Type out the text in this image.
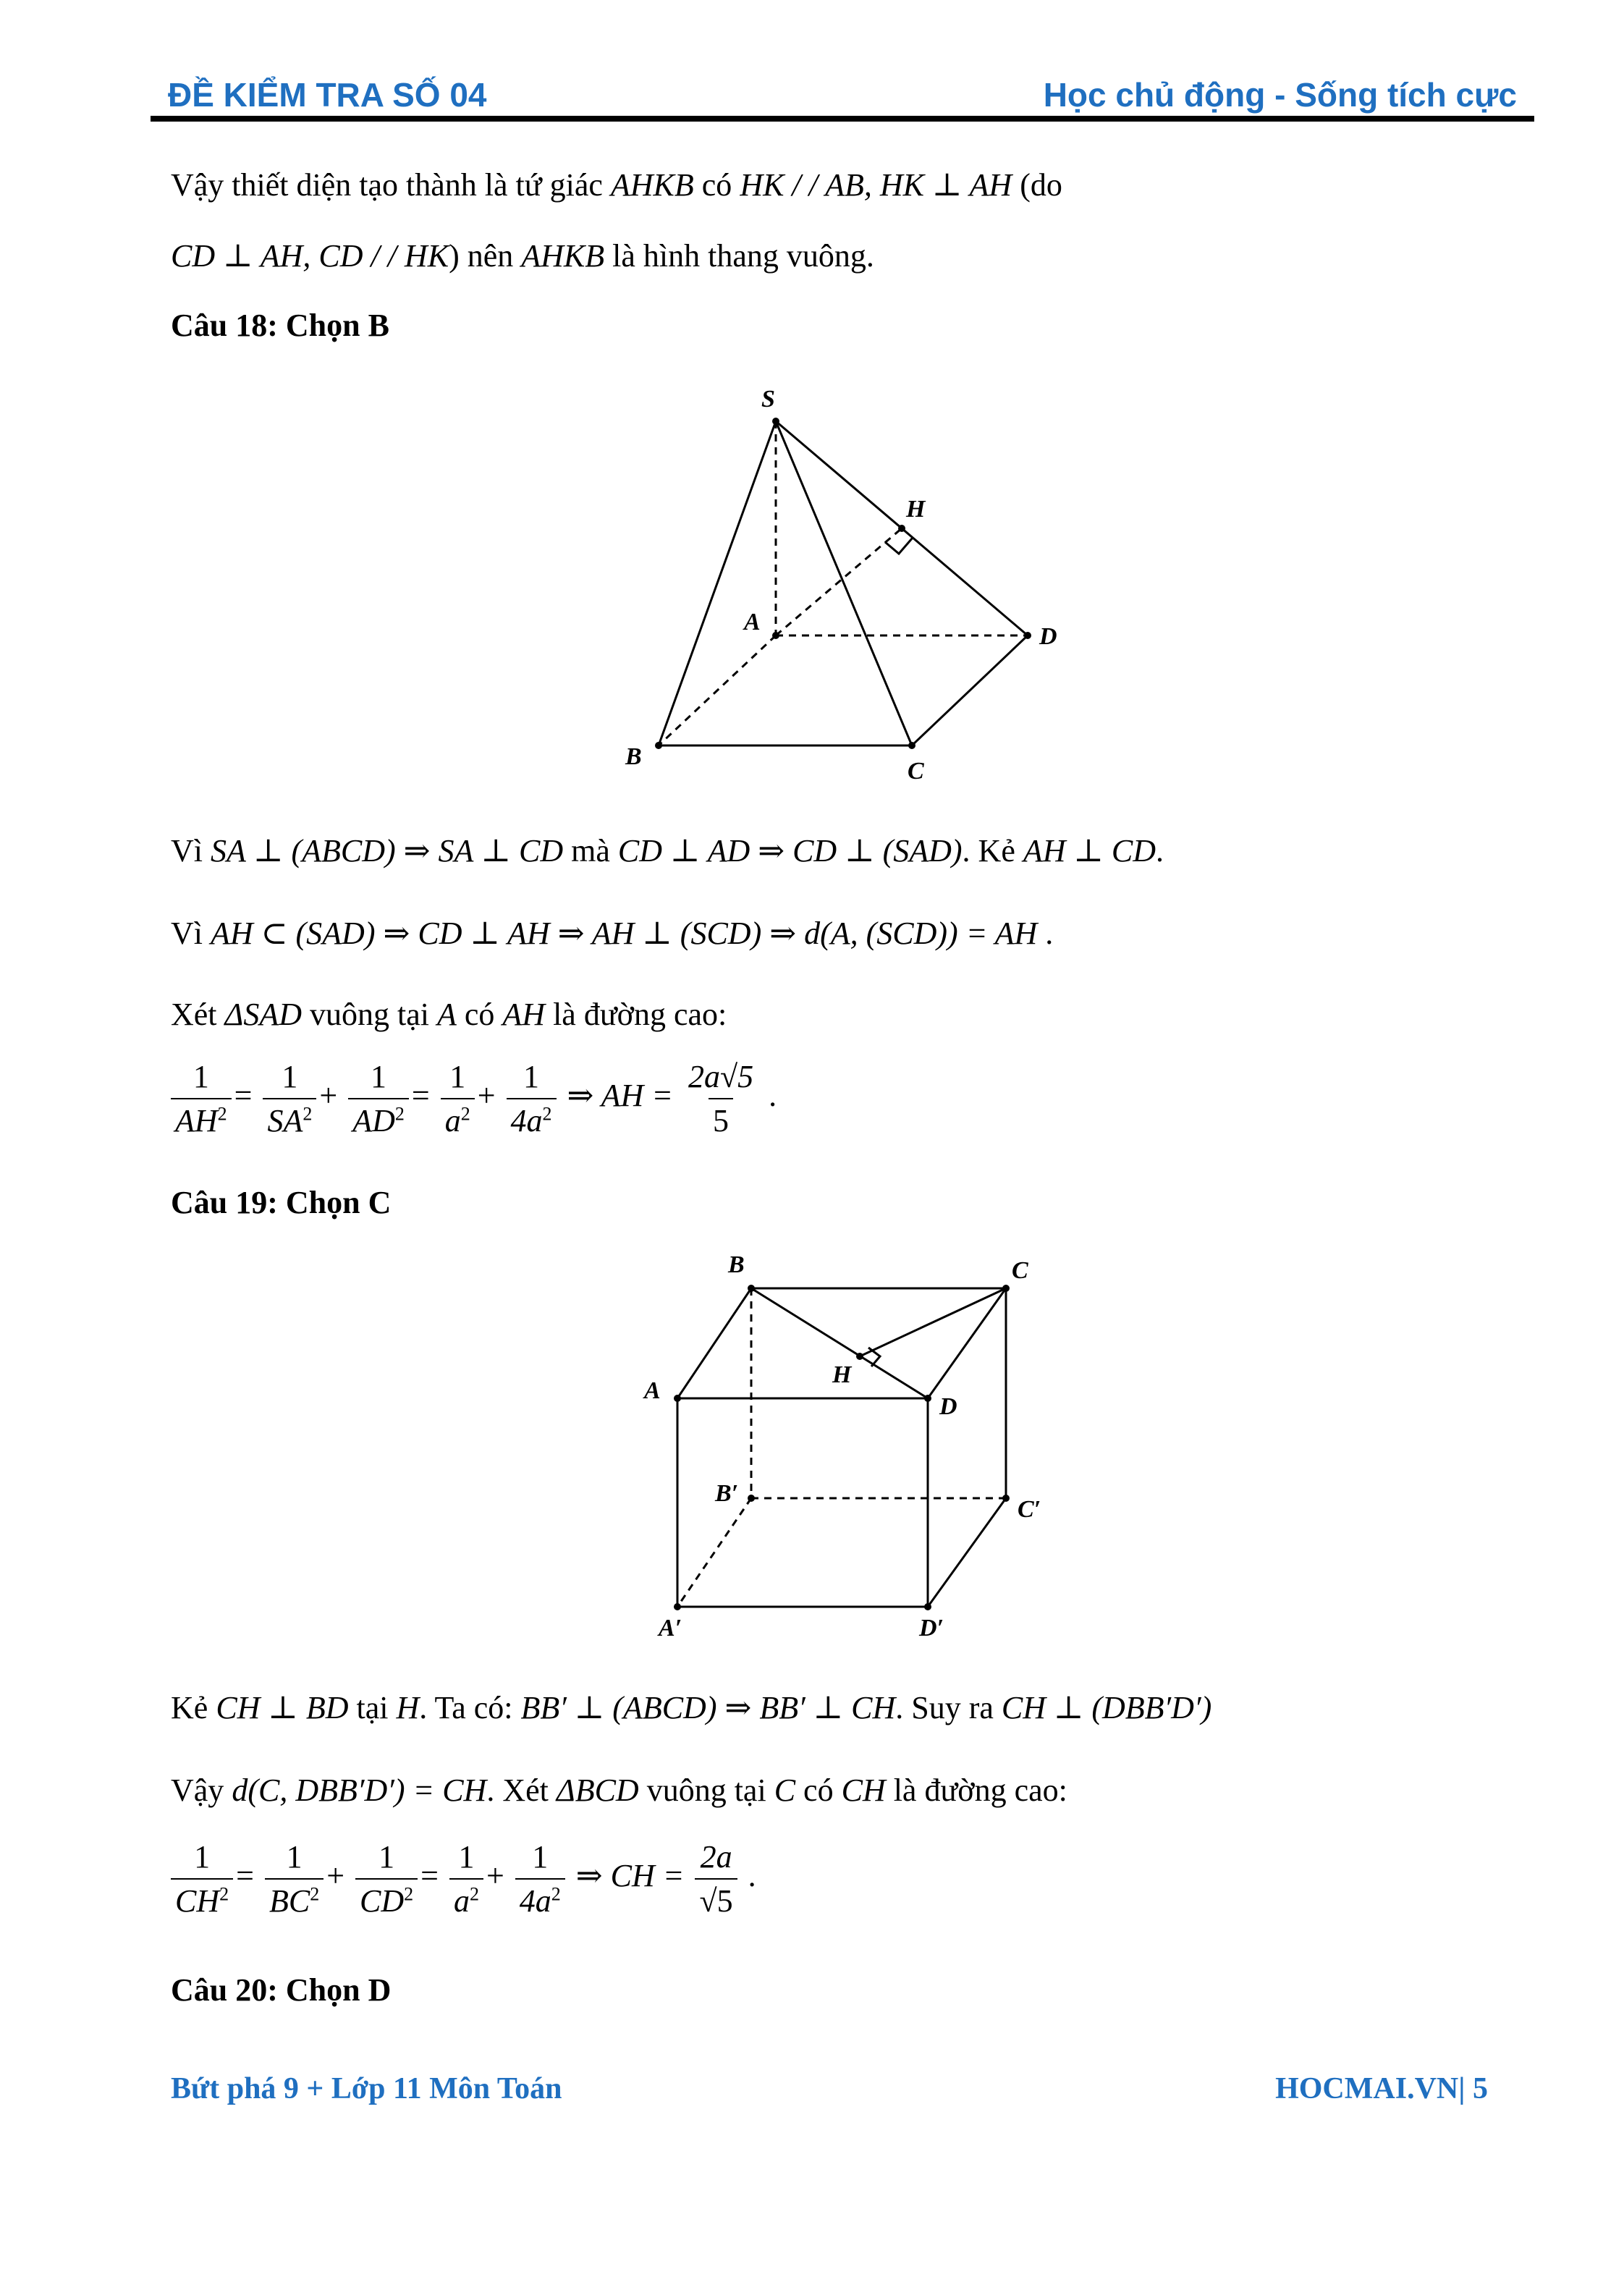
ĐỀ KIỂM TRA SỐ 04	Học chủ động - Sống tích cực
Vậy thiết diện tạo thành là tứ giác AHKB có HK / / AB, HK ⊥ AH (do
CD ⊥ AH, CD / / HK) nên AHKB là hình thang vuông.
Câu 18: Chọn B
S
H
A
D
B
C
Vì SA ⊥ (ABCD) ⇒ SA ⊥ CD mà CD ⊥ AD ⇒ CD ⊥ (SAD). Kẻ AH ⊥ CD.
Vì AH ⊂ (SAD) ⇒ CD ⊥ AH ⇒ AH ⊥ (SCD) ⇒ d(A, (SCD)) = AH .
Xét ΔSAD vuông tại A có AH là đường cao:
$\frac{1}{AH^2} = \frac{1}{SA^2} + \frac{1}{AD^2} = \frac{1}{a^2} + \frac{1}{4a^2}$ ⇒ AH = $\frac{2a√5}{5}$ .
Câu 19: Chọn C
B	C
H
A
D
B′
C′
A′	D′
Kẻ CH ⊥ BD tại H. Ta có: BB′ ⊥ (ABCD) ⇒ BB′ ⊥ CH. Suy ra CH ⊥ (DBB′D′)
Vậy d(C, DBB′D′) = CH. Xét ΔBCD vuông tại C có CH là đường cao:
$\frac{1}{CH^2} = \frac{1}{BC^2} + \frac{1}{CD^2} = \frac{1}{a^2} + \frac{1}{4a^2}$ ⇒ CH = $\frac{2a}{√5}$ .
Câu 20: Chọn D
Bứt phá 9 + Lớp 11 Môn Toán	HOCMAI.VN| 5
